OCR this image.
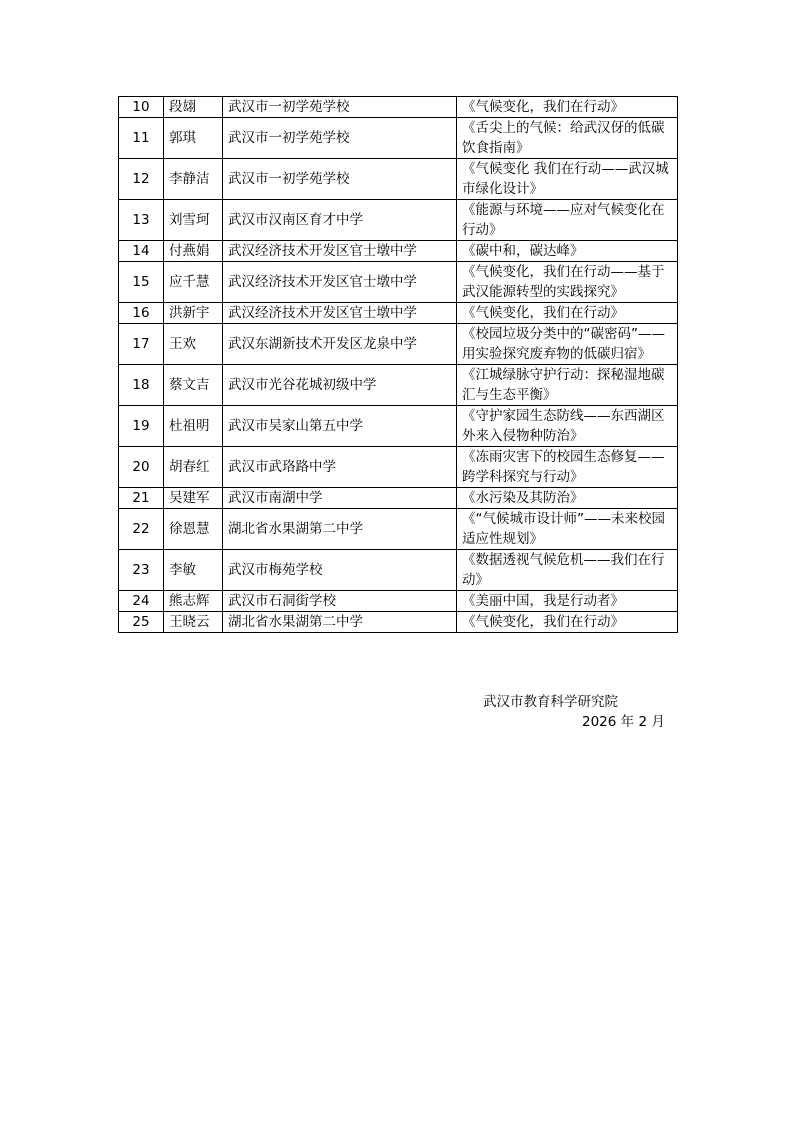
10	段翃	武汉市一初学苑学校	《气候变化，我们在行动》
11	郭琪	武汉市一初学苑学校	《舌尖上的气候：给武汉伢的低碳饮食指南》
12	李静洁	武汉市一初学苑学校	《气候变化 我们在行动——武汉城市绿化设计》
13	刘雪珂	武汉市汉南区育才中学	《能源与环境——应对气候变化在行动》
14	付燕娟	武汉经济技术开发区官士墩中学	《碳中和，碳达峰》
15	应千慧	武汉经济技术开发区官士墩中学	《气候变化，我们在行动——基于武汉能源转型的实践探究》
16	洪新宇	武汉经济技术开发区官士墩中学	《气候变化，我们在行动》
17	王欢	武汉东湖新技术开发区龙泉中学	《校园垃圾分类中的“碳密码”——用实验探究废弃物的低碳归宿》
18	蔡文吉	武汉市光谷花城初级中学	《江城绿脉守护行动：探秘湿地碳汇与生态平衡》
19	杜祖明	武汉市吴家山第五中学	《守护家园生态防线——东西湖区外来入侵物种防治》
20	胡春红	武汉市武珞路中学	《冻雨灾害下的校园生态修复——跨学科探究与行动》
21	吴建军	武汉市南湖中学	《水污染及其防治》
22	徐恩慧	湖北省水果湖第二中学	《“气候城市设计师”——未来校园适应性规划》
23	李敏	武汉市梅苑学校	《数据透视气候危机——我们在行动》
24	熊志辉	武汉市石洞街学校	《美丽中国，我是行动者》
25	王晓云	湖北省水果湖第二中学	《气候变化，我们在行动》
武汉市教育科学研究院
2026 年 2 月
